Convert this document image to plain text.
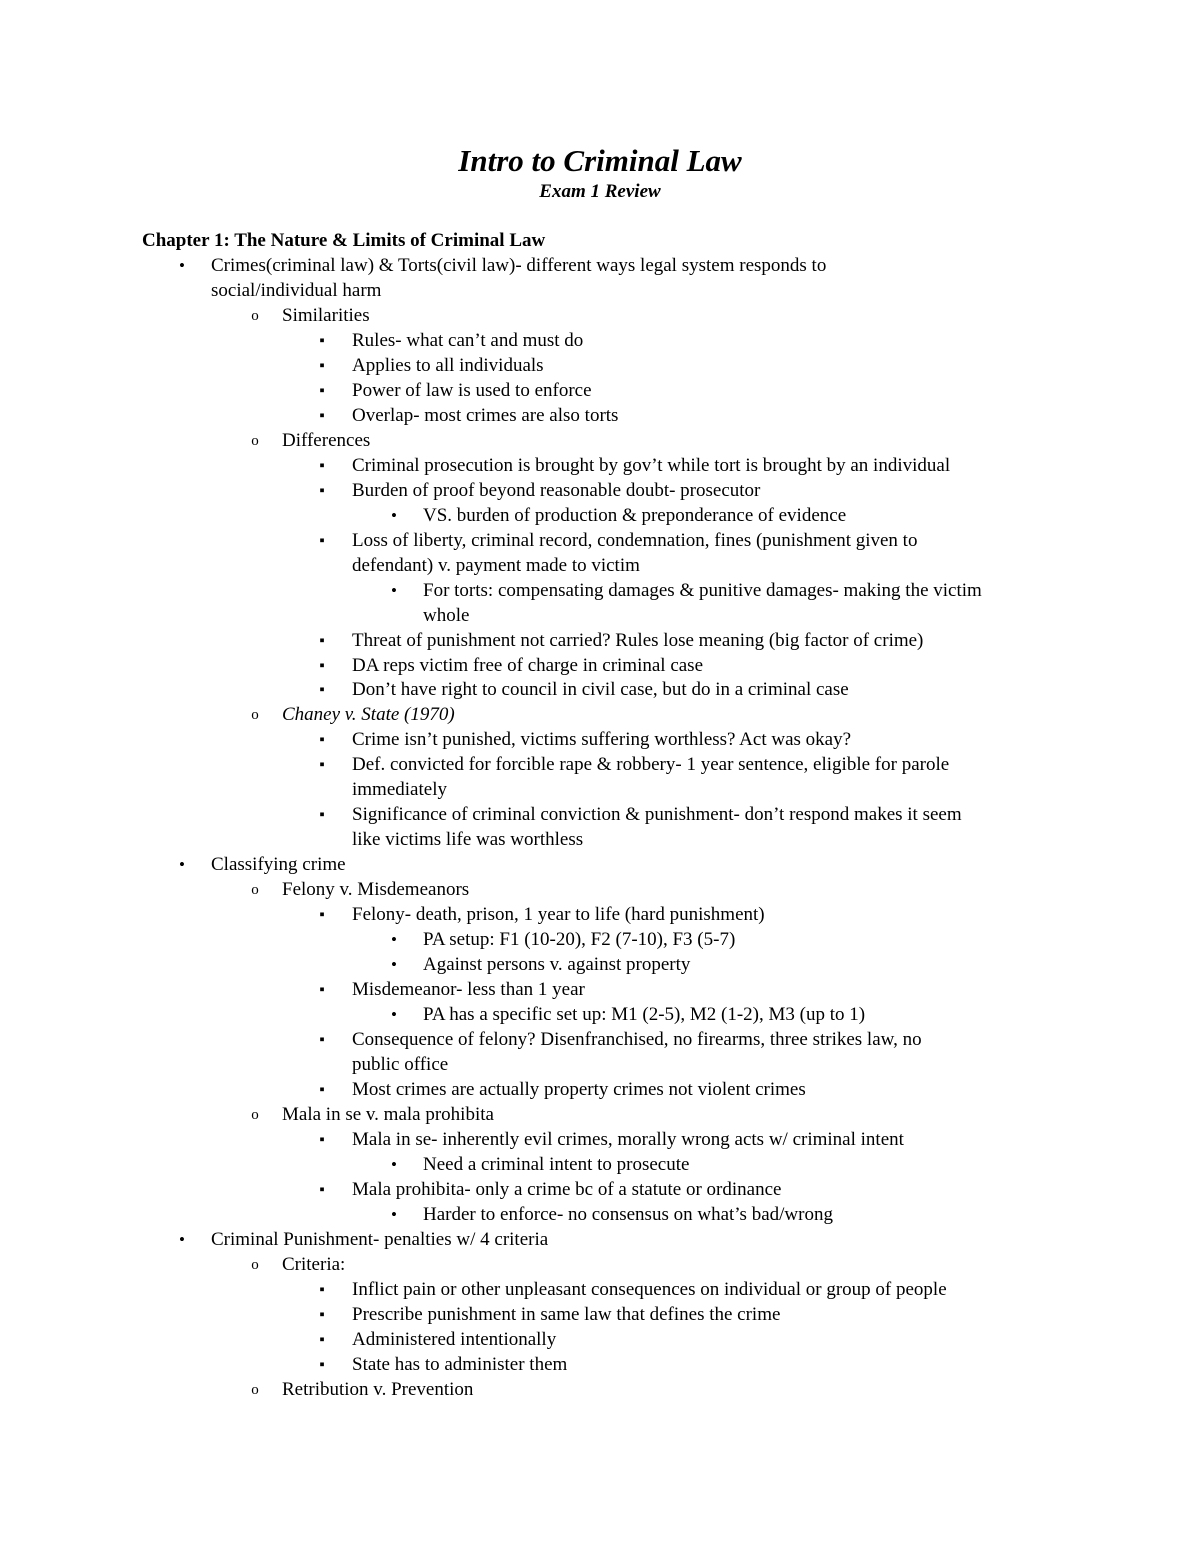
Intro to Criminal Law
Exam 1 Review
Chapter 1: The Nature & Limits of Criminal Law
• Crimes(criminal law) & Torts(civil law)- different ways legal system responds to
social/individual harm
o Similarities
▪ Rules- what can’t and must do
▪ Applies to all individuals
▪ Power of law is used to enforce
▪ Overlap- most crimes are also torts
o Differences
▪ Criminal prosecution is brought by gov’t while tort is brought by an individual
▪ Burden of proof beyond reasonable doubt- prosecutor
• VS. burden of production & preponderance of evidence
▪ Loss of liberty, criminal record, condemnation, fines (punishment given to
defendant) v. payment made to victim
• For torts: compensating damages & punitive damages- making the victim
whole
▪ Threat of punishment not carried? Rules lose meaning (big factor of crime)
▪ DA reps victim free of charge in criminal case
▪ Don’t have right to council in civil case, but do in a criminal case
o Chaney v. State (1970)
▪ Crime isn’t punished, victims suffering worthless? Act was okay?
▪ Def. convicted for forcible rape & robbery- 1 year sentence, eligible for parole
immediately
▪ Significance of criminal conviction & punishment- don’t respond makes it seem
like victims life was worthless
• Classifying crime
o Felony v. Misdemeanors
▪ Felony- death, prison, 1 year to life (hard punishment)
• PA setup: F1 (10-20), F2 (7-10), F3 (5-7)
• Against persons v. against property
▪ Misdemeanor- less than 1 year
• PA has a specific set up: M1 (2-5), M2 (1-2), M3 (up to 1)
▪ Consequence of felony? Disenfranchised, no firearms, three strikes law, no
public office
▪ Most crimes are actually property crimes not violent crimes
o Mala in se v. mala prohibita
▪ Mala in se- inherently evil crimes, morally wrong acts w/ criminal intent
• Need a criminal intent to prosecute
▪ Mala prohibita- only a crime bc of a statute or ordinance
• Harder to enforce- no consensus on what’s bad/wrong
• Criminal Punishment- penalties w/ 4 criteria
o Criteria:
▪ Inflict pain or other unpleasant consequences on individual or group of people
▪ Prescribe punishment in same law that defines the crime
▪ Administered intentionally
▪ State has to administer them
o Retribution v. Prevention
